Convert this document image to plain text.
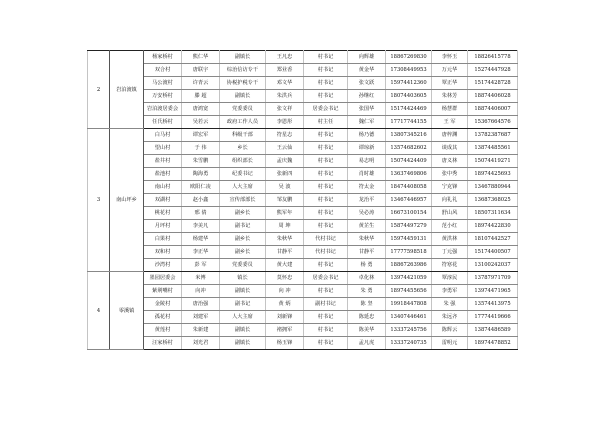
2	岩泊渡镇	杨家桥村	熊仁华	副镇长	王凡忠	村书记	向辉雄	18867269830	李怀玉	18826415778
		双合村	唐联宇	综治信访专干	郑业香	村书记	黄金华	17308449953	万元华	15274447928
		马公渡村	许青云	协税护税专干	邓文华	村书记	张文跃	15974412360	覃正华	15174428728
		万安桥村	滕 超	副镇长	朱洪兵	村书记	孙继红	18074403605	朱林芳	18874406028
		岩泊渡居委会	唐鸿宽	党委委员	张文祥	居委会书记	张国华	15174424469	杨慧群	18874406007
		任氏桥村	吴若云	政府工作人员	李恩彤	村主任	魏仁军	17717744155	王 军	15367664576
3	南山坪乡	白马村	谭宏军	科级干部	符星志	村书记	杨乃德	13807345216	唐梓渊	13782387687
		望山村	于 伟	乡长	王云仙	村书记	谭琼新	13574682602	谈成其	13874485561
		盐井村	朱雪鹏	组织部长	孟庆魏	村书记	易志明	15074424409	唐义林	15074419271
		盐池村	陶海勇	纪委书记	张新四	村书记	肖时雄	13637469806	张中秀	18974425693
		南山村	欧阳仁凌	人大主席	吴 波	村书记	符太金	18474408058	宁克锋	13467880944
		双湖村	赵小鑫	宣传部部长	邹友鹏	村书记	龙治平	13467446957	向礼礼	13687368025
		桃花村	邢 倩	副乡长	熊军年	村书记	吴必涛	16673100154	舒山风	18507311634
		月坪村	李美凡	副书记	周 坤	村书记	黄芷生	15874497279	范小红	18974422830
		白果村	杨建华	副乡长	朱秋华	代村书记	朱秋华	15974459131	黄洪林	18107442527
		双和村	李正华	副乡长	甘静平	代村书记	甘静平	17777598518	丁元强	15174400507
		沙湾村	彭 军	党委委员	黄大建	村书记	杨 勇	18867263986	符寒花	13100242037
4	零溪镇	墨园居委会	米博	镇长	莫怀忠	居委会书记	卓化林	13974421059	覃淳民	13787971709
		紫荆嘴村	向冲	副镇长	向 冲	村书记	朱 勇	18974455656	李勇军	13974471965
		金陵村	唐治强	副书记	黄 炳	副村书记	陈 坚	19918447808	朱 强	13574413975
		孤花村	刘建军	人大主席	刘新锋	村书记	陈延忠	13407446461	朱远齐	17774419666
		黄莲村	朱新建	副镇长	褚拥军	村书记	陈美华	13337245756	陈辉云	13874486589
		汪家桥村	刘光君	副镇长	杨玉锋	村书记	孟凡虎	13337240735	雷明元	18974478852
